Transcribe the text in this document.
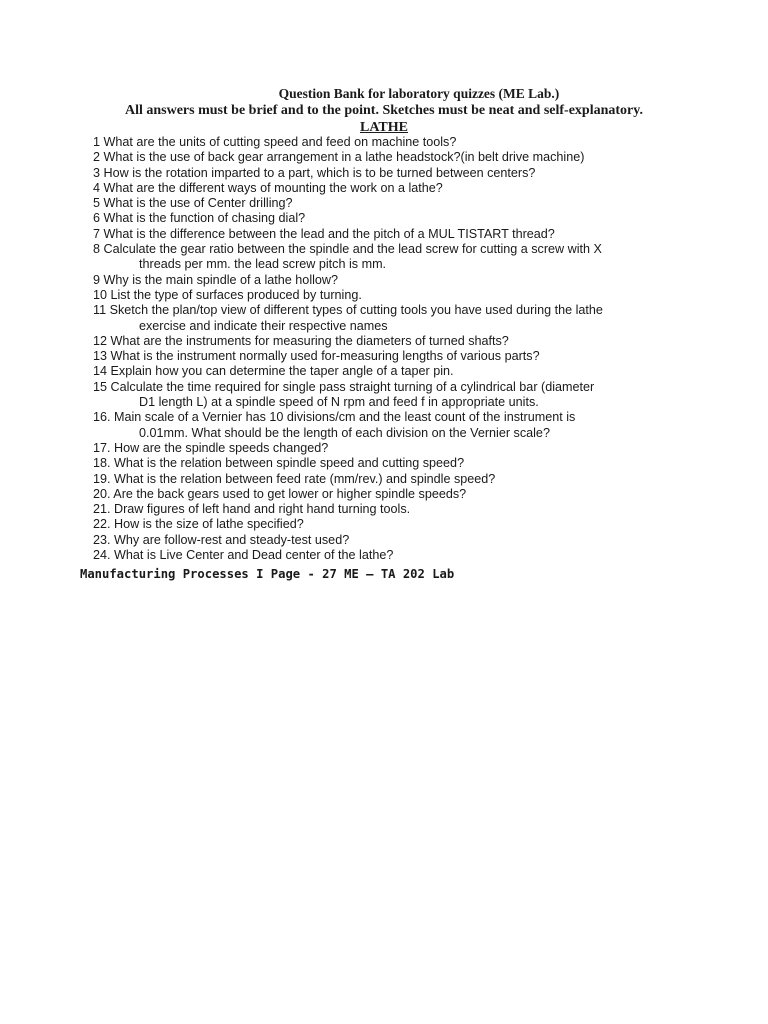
Question Bank for laboratory quizzes (ME Lab.)
All answers must be brief and to the point. Sketches must be neat and self-explanatory.
LATHE
1 What are the units of cutting speed and feed on machine tools?
2 What is the use of back gear arrangement in a lathe headstock?(in belt drive machine)
3 How is the rotation imparted to a part, which is to be turned between centers?
4 What are the different ways of mounting the work on a lathe?
5 What is the use of Center drilling?
6 What is the function of chasing dial?
7 What is the difference between the lead and the pitch of a MUL TISTART thread?
8 Calculate the gear ratio between the spindle and the lead screw for cutting a screw with X
threads per mm. the lead screw pitch is mm.
9 Why is the main spindle of a lathe hollow?
10 List the type of surfaces produced by turning.
11 Sketch the plan/top view of different types of cutting tools you have used during the lathe
exercise and indicate their respective names
12 What are the instruments for measuring the diameters of turned shafts?
13 What is the instrument normally used for-measuring lengths of various parts?
14 Explain how you can determine the taper angle of a taper pin.
15 Calculate the time required for single pass straight turning of a cylindrical bar (diameter
D1 length L) at a spindle speed of N rpm and feed f in appropriate units.
16. Main scale of a Vernier has 10 divisions/cm and the least count of the instrument is
0.01mm. What should be the length of each division on the Vernier scale?
17. How are the spindle speeds changed?
18. What is the relation between spindle speed and cutting speed?
19. What is the relation between feed rate (mm/rev.) and spindle speed?
20. Are the back gears used to get lower or higher spindle speeds?
21. Draw figures of left hand and right hand turning tools.
22. How is the size of lathe specified?
23. Why are follow-rest and steady-test used?
24. What is Live Center and Dead center of the lathe?
Manufacturing Processes I Page - 27 ME – TA 202 Lab
